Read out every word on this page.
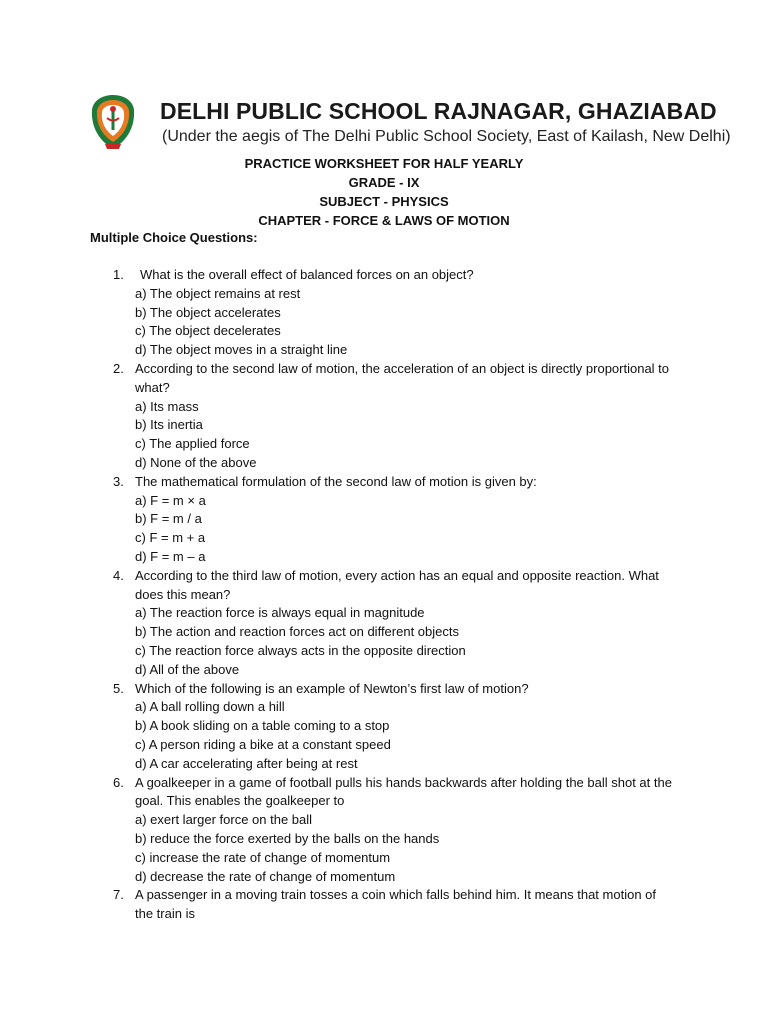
DELHI PUBLIC SCHOOL RAJNAGAR, GHAZIABAD

(Under the aegis of The Delhi Public School Society, East of Kailash, New Delhi)

PRACTICE WORKSHEET FOR HALF YEARLY
GRADE - IX
SUBJECT - PHYSICS
CHAPTER - FORCE & LAWS OF MOTION
Multiple Choice Questions:
1.	What is the overall effect of balanced forces on an object?
a) The object remains at rest
b) The object accelerates
c) The object decelerates
d) The object moves in a straight line
2. According to the second law of motion, the acceleration of an object is directly proportional to what?
a) Its mass
b) Its inertia
c) The applied force
d) None of the above
3. The mathematical formulation of the second law of motion is given by:
a) F = m × a
b) F = m / a
c) F = m + a
d) F = m – a
4. According to the third law of motion, every action has an equal and opposite reaction. What does this mean?
a) The reaction force is always equal in magnitude
b) The action and reaction forces act on different objects
c) The reaction force always acts in the opposite direction
d) All of the above
5. Which of the following is an example of Newton’s first law of motion?
a) A ball rolling down a hill
b) A book sliding on a table coming to a stop
c) A person riding a bike at a constant speed
d) A car accelerating after being at rest
6. A goalkeeper in a game of football pulls his hands backwards after holding the ball shot at the goal. This enables the goalkeeper to
a) exert larger force on the ball
b) reduce the force exerted by the balls on the hands
c) increase the rate of change of momentum
d) decrease the rate of change of momentum
7. A passenger in a moving train tosses a coin which falls behind him. It means that motion of the train is
